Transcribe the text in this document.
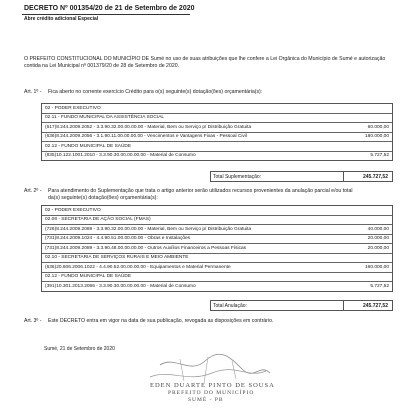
DECRETO Nº 001354/20 de 21 de Setembro de 2020
Abre crédito adicional Especial
O PREFEITO CONSTITUCIONAL DO MUNICÍPIO DE Sumé no uso de suas atribuições que lhe confere a Lei Orgânica do Município de Sumé e autorização contida na Lei Municipal nº 001379/20 de 28 de Setembro de 2020.
Art. 1º - Fica aberto no corrente exercício Crédito para o(s) seguinte(s) dotação(ões) orçamentária(s):
02 - PODER EXECUTIVO
02.11 - FUNDO MUNICIPAL DA ASSISTÊNCIA SOCIAL
(617)8.244.2009.2052 - 3.3.90.32.00.00.00.00 - Material, Bem ou Serviço p/ Distribuição Gratuita	60.000,00
(636)8.244.2009.2056 - 3.1.90.11.00.00.00.00 - Vencimentos e Vantagens Fixas - Pessoal Civil	180.000,00
02.12 - FUNDO MUNICIPAL DE SAÚDE
(835)10.122.1001.2010 - 3.3.90.30.00.00.00.00 - Material de Consumo	5.727,52
Total Suplementação:	245.727,52
Art. 2º - Para atendimento do Suplementação que trata o artigo anterior serão utilizados recursos provenientes da anulação parcial e/ou total
da(s) seguinte(s) dotação(ões) orçamentária(s):
02 - PODER EXECUTIVO
02.08 - SECRETARIA DE AÇÃO SOCIAL (FMAS)
(726)8.244.2009.2089 - 3.3.90.32.00.00.00.00 - Material, Bem ou Serviço p/ Distribuição Gratuita	40.000,00
(731)8.244.2009.1024 - 4.4.90.51.00.00.00.00 - Obras e Instalações	20.000,00
(731)8.244.2009.2089 - 3.3.90.48.00.00.00.00 - Outros Auxílios Financeiros a Pessoas Físicas	20.000,00
02.10 - SECRETARIA DE SERVIÇOS RURAIS E MEIO AMBIENTE
(636)20.606.2006.1022 - 4.4.90.52.00.00.00.00 - Equipamentos e Material Permanente	160.000,00
02.12 - FUNDO MUNICIPAL DE SAÚDE
(391)10.301.2013.2066 - 3.3.90.30.00.00.00.00 - Material de Consumo	5.727,52
Total Anulação:	245.727,52
Art. 3º - Este DECRETO entra em vigor na data de sua publicação, revogada as disposições em contrário.
Sumé, 21 de Setembro de 2020
EDEN DUARTE PINTO DE SOUSA
PREFEITO DO MUNICÍPIO
SUMÉ - PB
